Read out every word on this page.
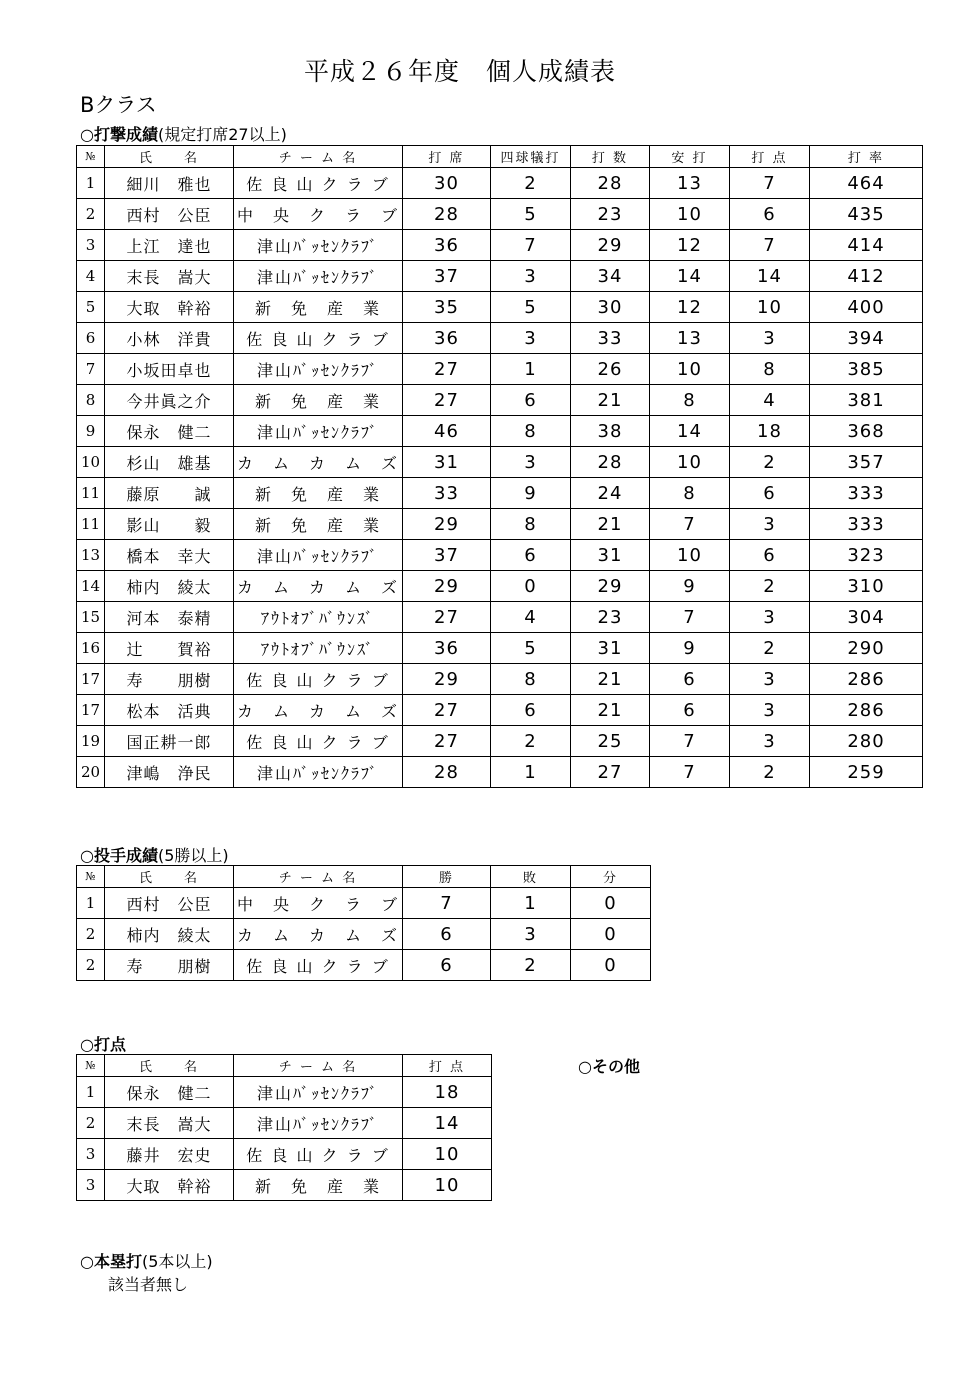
平成２６年度　個人成績表
Bクラス
○打撃成績(規定打席27以上)
№	氏　　名	チ ー ム 名	打 席	四球犠打	打 数	安 打	打 点	打 率
1	細川　雅也	佐 良 山 ク ラ ブ	30	2	28	13	7	464
2	西村　公臣	中　央　ク　ラ　ブ	28	5	23	10	6	435
3	上江　達也	津山ﾊﾞｯｾﾝｸﾗﾌﾞ	36	7	29	12	7	414
4	末長　嵩大	津山ﾊﾞｯｾﾝｸﾗﾌﾞ	37	3	34	14	14	412
5	大取　幹裕	新　免　産　業	35	5	30	12	10	400
6	小林　洋貴	佐 良 山 ク ラ ブ	36	3	33	13	3	394
7	小坂田卓也	津山ﾊﾞｯｾﾝｸﾗﾌﾞ	27	1	26	10	8	385
8	今井眞之介	新　免　産　業	27	6	21	8	4	381
9	保永　健二	津山ﾊﾞｯｾﾝｸﾗﾌﾞ	46	8	38	14	18	368
10	杉山　雄基	カ　ム　カ　ム　ズ	31	3	28	10	2	357
11	藤原　　誠	新　免　産　業	33	9	24	8	6	333
11	影山　　毅	新　免　産　業	29	8	21	7	3	333
13	橋本　幸大	津山ﾊﾞｯｾﾝｸﾗﾌﾞ	37	6	31	10	6	323
14	柿内　綾太	カ　ム　カ　ム　ズ	29	0	29	9	2	310
15	河本　泰精	ｱｳﾄｵﾌﾞﾊﾞｳﾝｽﾞ	27	4	23	7	3	304
16	辻　　賀裕	ｱｳﾄｵﾌﾞﾊﾞｳﾝｽﾞ	36	5	31	9	2	290
17	寿　　朋樹	佐 良 山 ク ラ ブ	29	8	21	6	3	286
17	松本　活典	カ　ム　カ　ム　ズ	27	6	21	6	3	286
19	国正耕一郎	佐 良 山 ク ラ ブ	27	2	25	7	3	280
20	津嶋　浄民	津山ﾊﾞｯｾﾝｸﾗﾌﾞ	28	1	27	7	2	259
○投手成績(5勝以上)
№	氏　　名	チ ー ム 名	勝	敗	分
1	西村　公臣	中　央　ク　ラ　ブ	7	1	0
2	柿内　綾太	カ　ム　カ　ム　ズ	6	3	0
2	寿　　朋樹	佐 良 山 ク ラ ブ	6	2	0
○打点
№	氏　　名	チ ー ム 名	打 点
1	保永　健二	津山ﾊﾞｯｾﾝｸﾗﾌﾞ	18
2	末長　嵩大	津山ﾊﾞｯｾﾝｸﾗﾌﾞ	14
3	藤井　宏史	佐 良 山 ク ラ ブ	10
3	大取　幹裕	新　免　産　業	10
○その他
○本塁打(5本以上)
該当者無し
